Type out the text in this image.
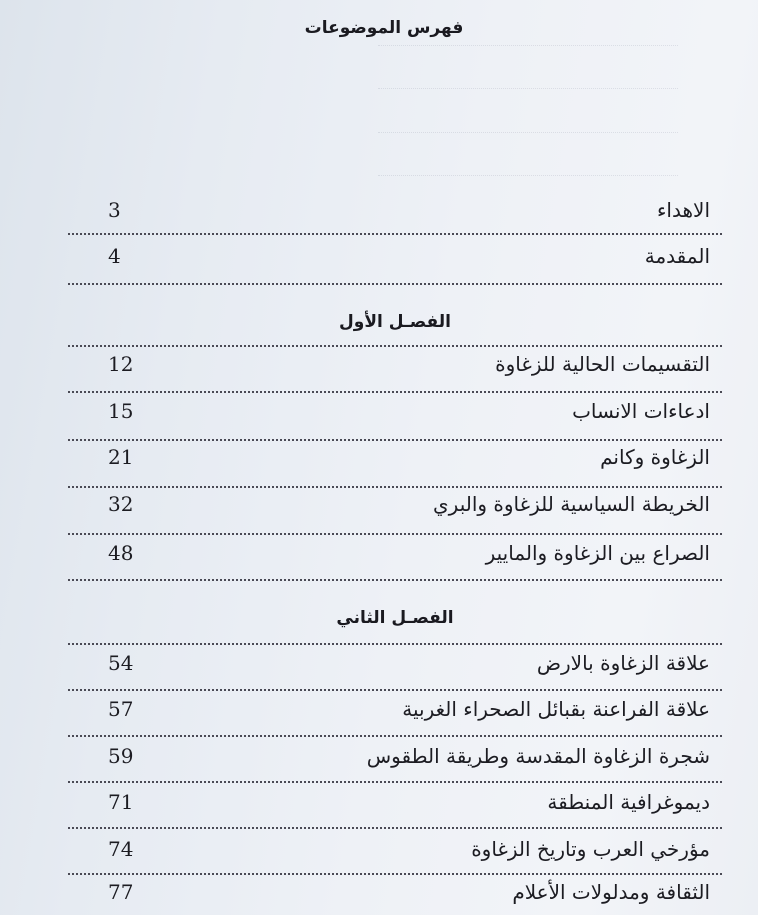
فهرس الموضوعات
الاهداء
3
المقدمة
4
الفصـل الأول
التقسيمات الحالية للزغاوة
12
ادعاءات الانساب
15
الزغاوة وكانم
21
الخريطة السياسية للزغاوة والبري
32
الصراع بين الزغاوة والمايير
48
الفصـل الثاني
علاقة الزغاوة بالارض
54
علاقة الفراعنة بقبائل الصحراء الغربية
57
شجرة الزغاوة المقدسة وطريقة الطقوس
59
ديموغرافية المنطقة
71
مؤرخي العرب وتاريخ الزغاوة
74
الثقافة ومدلولات الأعلام
77
